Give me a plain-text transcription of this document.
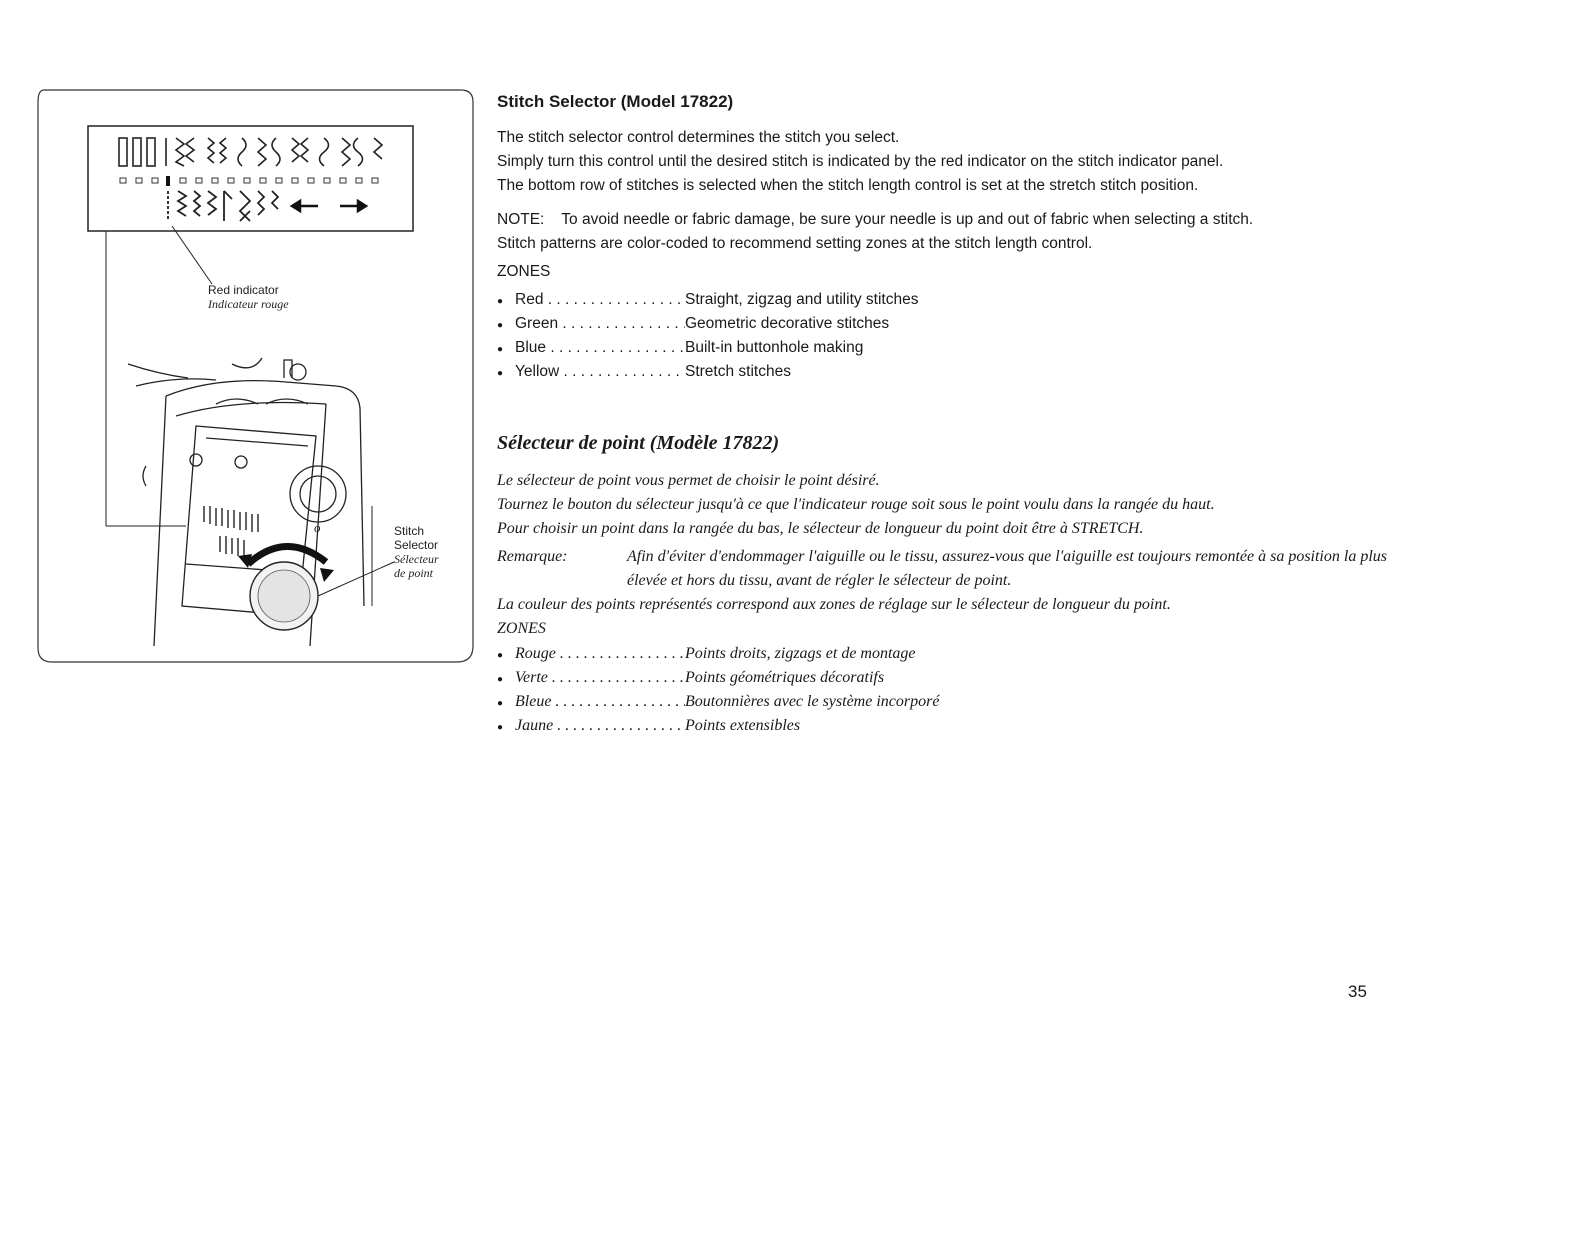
o
Red indicator
Indicateur rouge
Stitch
Selector
Sélecteur
de point
Stitch Selector (Model 17822)

The stitch selector control determines the stitch you select.

Simply turn this control until the desired stitch is indicated by the red indicator on the stitch indicator panel.

The bottom row of stitches is selected when the stitch length control is set at the stretch stitch position.

NOTE:    To avoid needle or fabric damage, be sure your needle is up and out of fabric when selecting a stitch.

Stitch patterns are color-coded to recommend setting zones at the stitch length control.

ZONES

● Red . . .	Straight, zigzag and utility stitches
● Green . . .	Geometric decorative stitches
● Blue . . .	Built-in buttonhole making
● Yellow . . .	Stretch stitches
Sélecteur de point (Modèle 17822)

Le sélecteur de point vous permet de choisir le point désiré.

Tournez le bouton du sélecteur jusqu'à ce que l'indicateur rouge soit sous le point voulu dans la rangée du haut.

Pour choisir un point dans la rangée du bas, le sélecteur de longueur du point doit être à STRETCH.

Remarque:	Afin d'éviter d'endommager l'aiguille ou le tissu, assurez-vous que l'aiguille est toujours remontée à sa position la plus élevée et hors du tissu, avant de régler le sélecteur de point.

La couleur des points représentés correspond aux zones de réglage sur le sélecteur de longueur du point.

ZONES

● Rouge . . .	Points droits, zigzags et de montage
● Verte . . .	Points géométriques décoratifs
● Bleue . . .	Boutonnières avec le système incorporé
● Jaune . . .	Points extensibles
35
